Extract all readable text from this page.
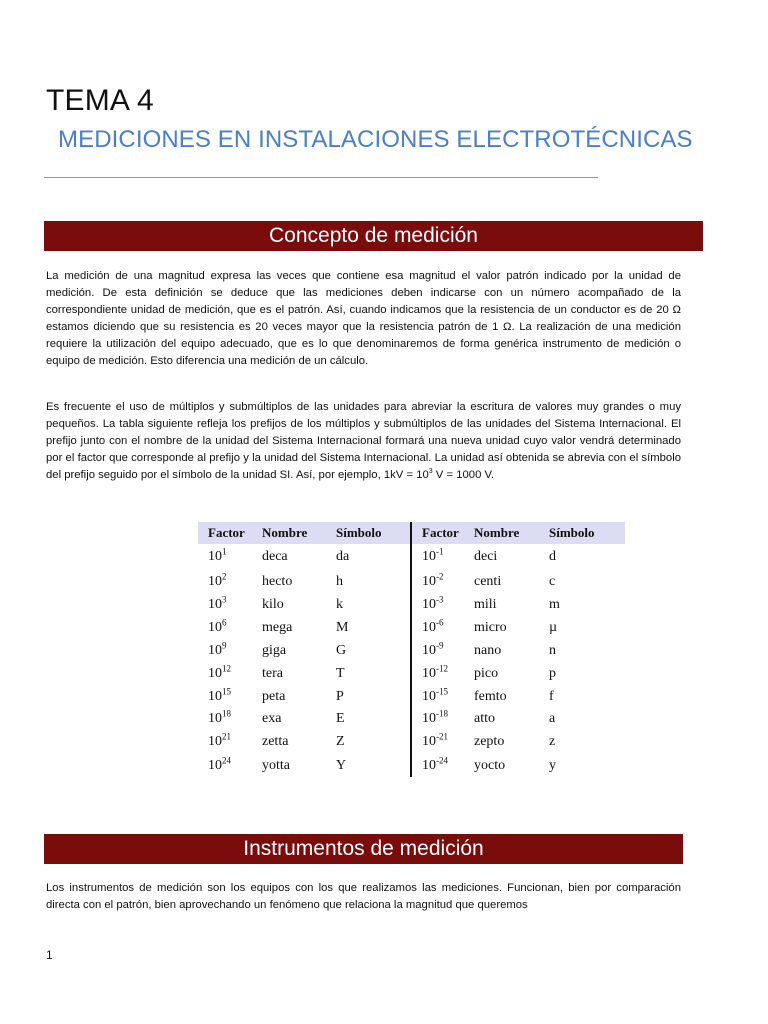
TEMA 4
MEDICIONES EN INSTALACIONES ELECTROTÉCNICAS
Concepto de medición

La medición de una magnitud expresa las veces que contiene esa magnitud el valor patrón indicado por la unidad de medición. De esta definición se deduce que las mediciones deben indicarse con un número acompañado de la correspondiente unidad de medición, que es el patrón. Así, cuando indicamos que la resistencia de un conductor es de 20 Ω estamos diciendo que su resistencia es 20 veces mayor que la resistencia patrón de 1 Ω. La realización de una medición requiere la utilización del equipo adecuado, que es lo que denominaremos de forma genérica instrumento de medición o equipo de medición. Esto diferencia una medición de un cálculo.

Es frecuente el uso de múltiplos y submúltiplos de las unidades para abreviar la escritura de valores muy grandes o muy pequeños. La tabla siguiente refleja los prefijos de los múltiplos y submúltiplos de las unidades del Sistema Internacional. El prefijo junto con el nombre de la unidad del Sistema Internacional formará una nueva unidad cuyo valor vendrá determinado por el factor que corresponde al prefijo y la unidad del Sistema Internacional. La unidad así obtenida se abrevia con el símbolo del prefijo seguido por el símbolo de la unidad SI. Así, por ejemplo, $1kV = 10^3$ V = 1000 V.

Factor	Nombre	Símbolo	Factor	Nombre	Símbolo
$10^1$	deca	da	$10^{-1}$	deci	d
$10^2$	hecto	h	$10^{-2}$	centi	c
$10^3$	kilo	k	$10^{-3}$	mili	m
$10^6$	mega	M	$10^{-6}$	micro	µ
$10^9$	giga	G	$10^{-9}$	nano	n
$10^{12}$	tera	T	$10^{-12}$	pico	p
$10^{15}$	peta	P	$10^{-15}$	femto	f
$10^{18}$	exa	E	$10^{-18}$	atto	a
$10^{21}$	zetta	Z	$10^{-21}$	zepto	z
$10^{24}$	yotta	Y	$10^{-24}$	yocto	y
Instrumentos de medición

Los instrumentos de medición son los equipos con los que realizamos las mediciones. Funcionan, bien por comparación directa con el patrón, bien aprovechando un fenómeno que relaciona la magnitud que queremos

1
